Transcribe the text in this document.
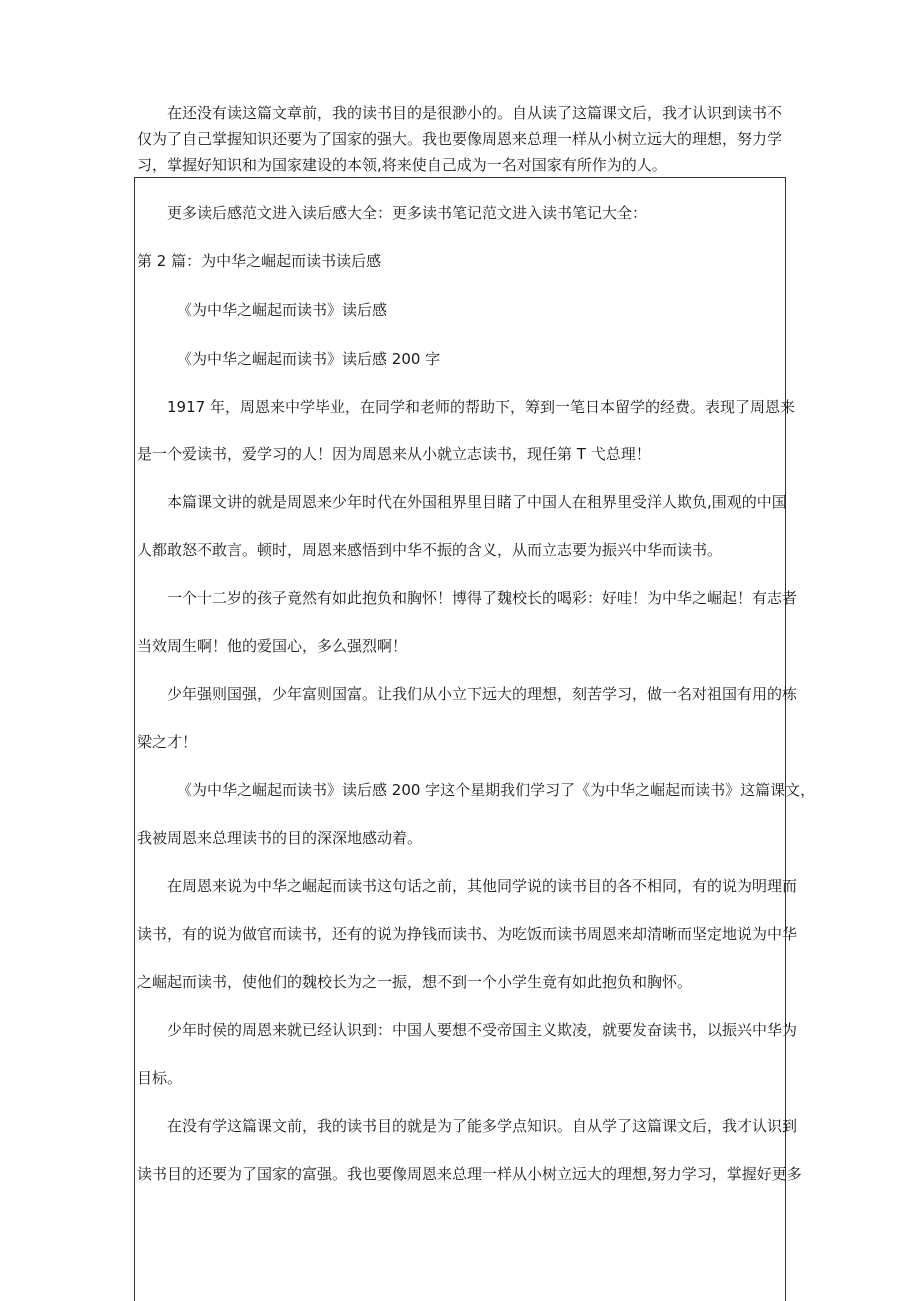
在还没有读这篇文章前，我的读书目的是很渺小的。自从读了这篇课文后，我才认识到读书不仅为了自己掌握知识还要为了国家的强大。我也要像周恩来总理一样从小树立远大的理想，努力学习，掌握好知识和为国家建设的本领,将来使自己成为一名对国家有所作为的人。

更多读后感范文进入读后感大全：更多读书笔记范文进入读书笔记大全：

第 2 篇：为中华之崛起而读书读后感

《为中华之崛起而读书》读后感

《为中华之崛起而读书》读后感 200 字

1917 年，周恩来中学毕业，在同学和老师的帮助下，筹到一笔日本留学的经费。表现了周恩来

是一个爱读书，爱学习的人！因为周恩来从小就立志读书，现任第 T 弋总理！

本篇课文讲的就是周恩来少年时代在外国租界里目睹了中国人在租界里受洋人欺负,围观的中国

人都敢怒不敢言。顿时，周恩来感悟到中华不振的含义，从而立志要为振兴中华而读书。

一个十二岁的孩子竟然有如此抱负和胸怀！博得了魏校长的喝彩：好哇！为中华之崛起！有志者

当效周生啊！他的爱国心，多么强烈啊！

少年强则国强，少年富则国富。让我们从小立下远大的理想，刻苦学习，做一名对祖国有用的栋

梁之才！

《为中华之崛起而读书》读后感 200 字这个星期我们学习了《为中华之崛起而读书》这篇课文，

我被周恩来总理读书的目的深深地感动着。

在周恩来说为中华之崛起而读书这句话之前，其他同学说的读书目的各不相同，有的说为明理而

读书，有的说为做官而读书，还有的说为挣钱而读书、为吃饭而读书周恩来却清晰而坚定地说为中华

之崛起而读书，使他们的魏校长为之一振，想不到一个小学生竟有如此抱负和胸怀。

少年时侯的周恩来就已经认识到：中国人要想不受帝国主义欺凌，就要发奋读书，以振兴中华为

目标。

在没有学这篇课文前，我的读书目的就是为了能多学点知识。自从学了这篇课文后，我才认识到

读书目的还要为了国家的富强。我也要像周恩来总理一样从小树立远大的理想,努力学习，掌握好更多
